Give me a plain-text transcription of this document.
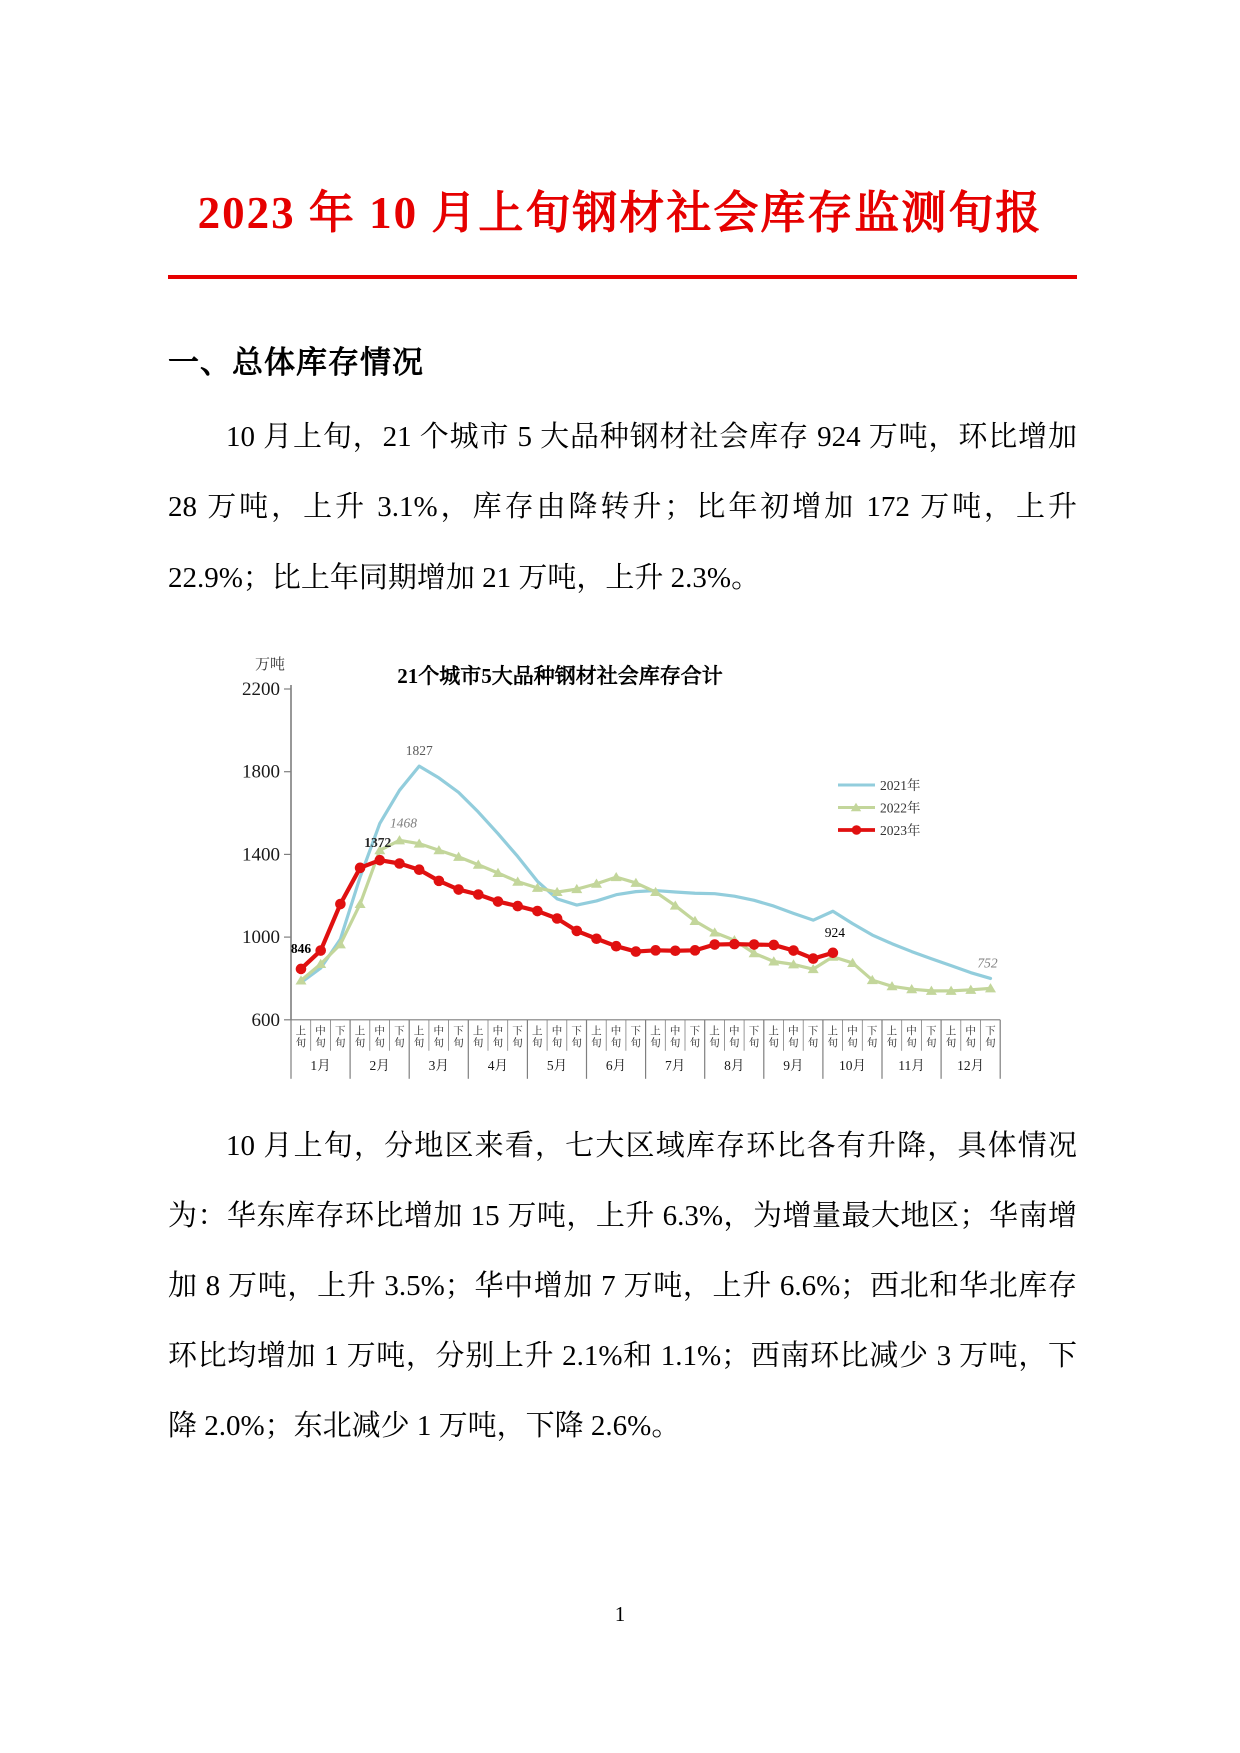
2023 年 10 月上旬钢材社会库存监测旬报
一、总体库存情况

10 月上旬，21 个城市 5 大品种钢材社会库存 924 万吨，环比增加 28 万吨，上升 3.1%，库存由降转升；比年初增加 172 万吨，上升 22.9%；比上年同期增加 21 万吨，上升 2.3%。

21个城市5大品种钢材社会库存合计
万吨
2200
1800
1400
1000
600
上
旬
中
旬
下
旬
上
旬
中
旬
下
旬
上
旬
中
旬
下
旬
上
旬
中
旬
下
旬
上
旬
中
旬
下
旬
上
旬
中
旬
下
旬
上
旬
中
旬
下
旬
上
旬
中
旬
下
旬
上
旬
中
旬
下
旬
上
旬
中
旬
下
旬
上
旬
中
旬
下
旬
上
旬
中
旬
下
旬
1月	2月	3月	4月	5月	6月	7月	8月	9月	10月 11月 12月
846
1372
1468
1827
924
752
2021年
2022年
2023年

10 月上旬，分地区来看，七大区域库存环比各有升降，具体情况为：华东库存环比增加 15 万吨，上升 6.3%，为增量最大地区；华南增加 8 万吨，上升 3.5%；华中增加 7 万吨，上升 6.6%；西北和华北库存环比均增加 1 万吨，分别上升 2.1%和 1.1%；西南环比减少 3 万吨，下降 2.0%；东北减少 1 万吨，下降 2.6%。

1
